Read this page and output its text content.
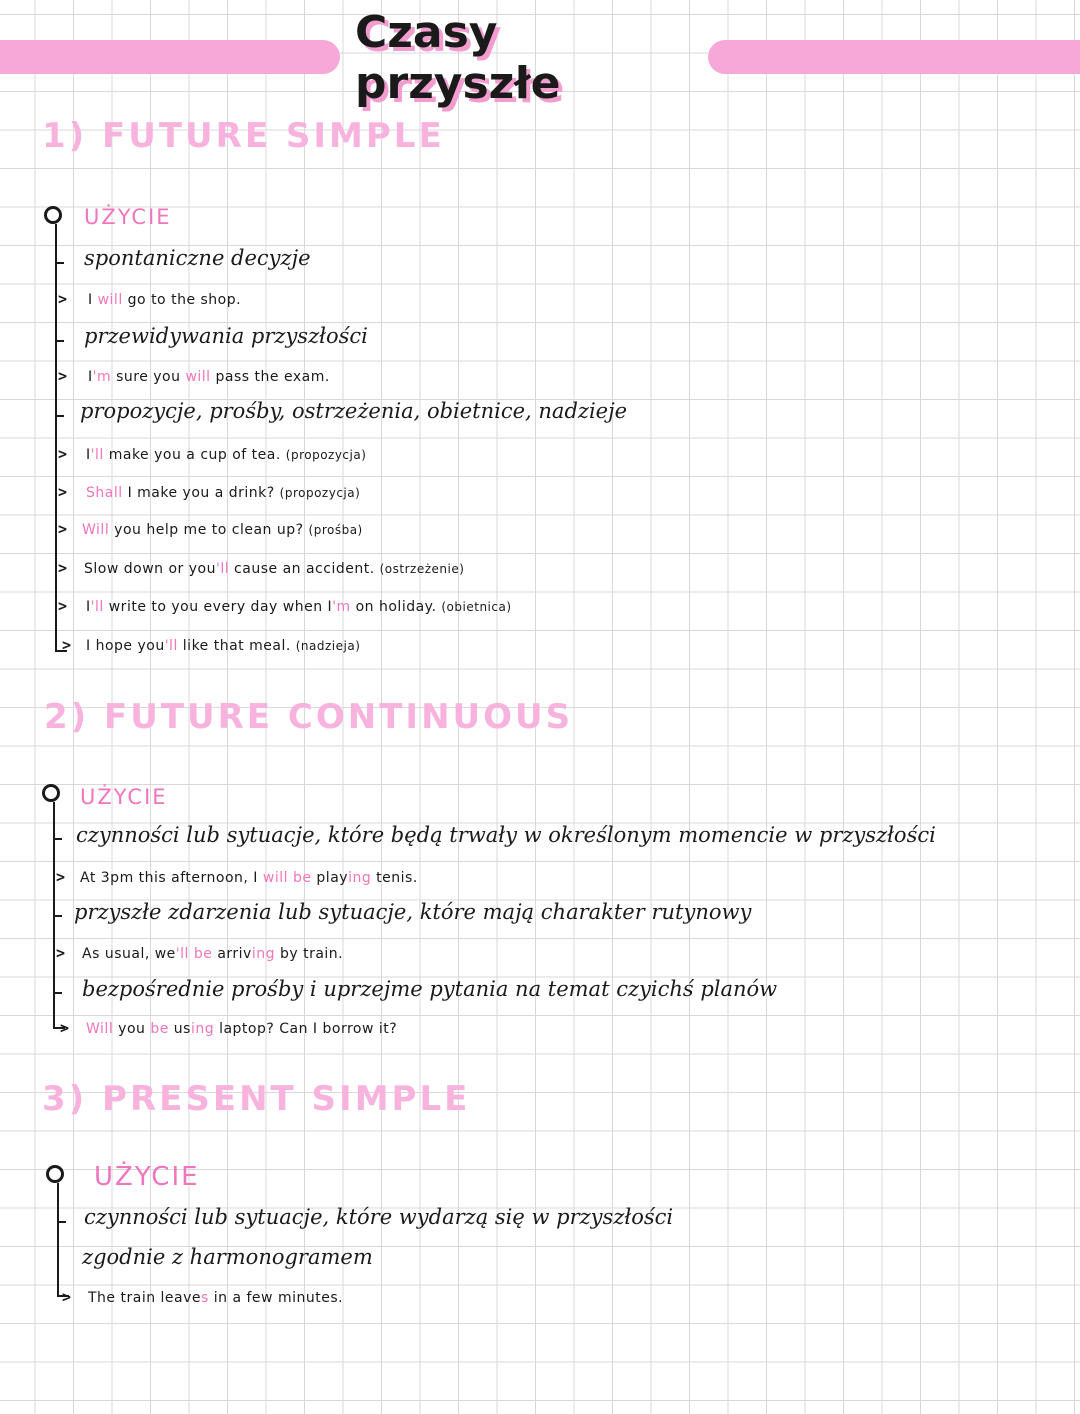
Czasy przyszłe
1) FUTURE SIMPLE
UŻYCIE
spontaniczne decyzje
> I will go to the shop.
przewidywania przyszłości
> I'm sure you will pass the exam.
propozycje, prośby, ostrzeżenia, obietnice, nadzieje
> I'll make you a cup of tea. (propozycja)
> Shall I make you a drink? (propozycja)
> Will you help me to clean up? (prośba)
> Slow down or you'll cause an accident. (ostrzeżenie)
> I'll write to you every day when I'm on holiday. (obietnica)
> I hope you'll like that meal. (nadzieja)
2) FUTURE CONTINUOUS
UŻYCIE
czynności lub sytuacje, które będą trwały w określonym momencie w przyszłości
> At 3pm this afternoon, I will be playing tenis.
przyszłe zdarzenia lub sytuacje, które mają charakter rutynowy
> As usual, we'll be arriving by train.
bezpośrednie prośby i uprzejme pytania na temat czyichś planów
> Will you be using laptop? Can I borrow it?
3) PRESENT SIMPLE
UŻYCIE
czynności lub sytuacje, które wydarzą się w przyszłości
zgodnie z harmonogramem
> The train leaves in a few minutes.
